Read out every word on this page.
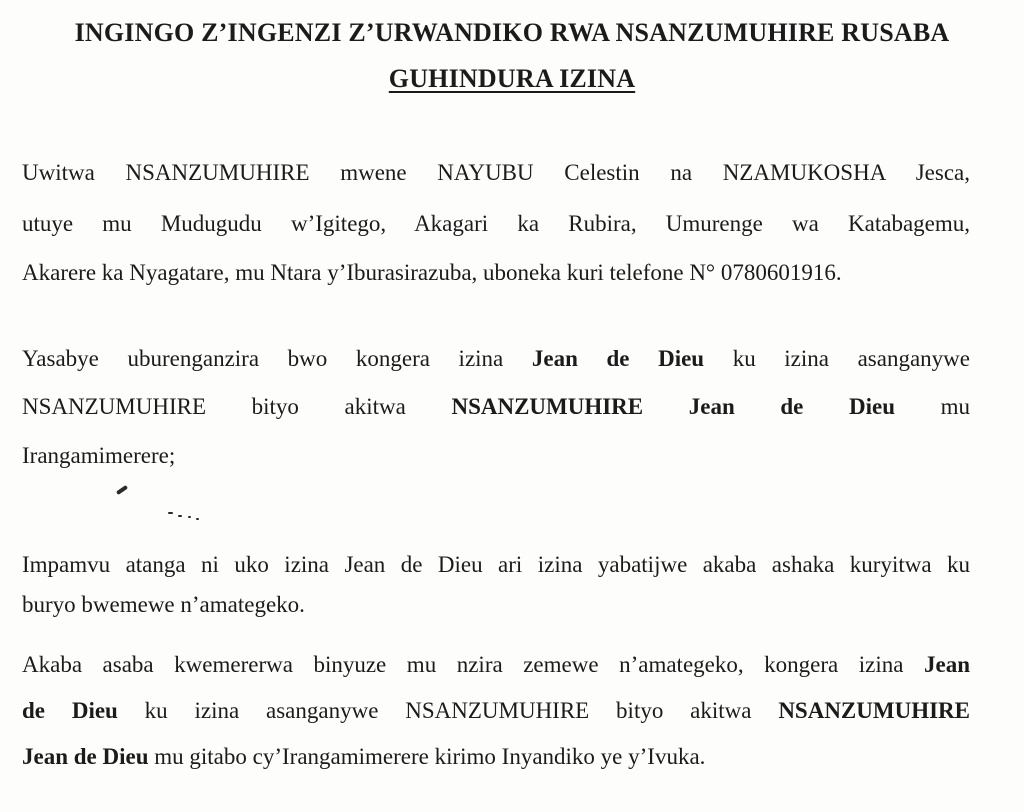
INGINGO Z’INGENZI Z’URWANDIKO RWA NSANZUMUHIRE RUSABA
GUHINDURA IZINA
Uwitwa NSANZUMUHIRE mwene NAYUBU Celestin na NZAMUKOSHA Jesca,
utuye mu Mudugudu w’Igitego, Akagari ka Rubira, Umurenge wa Katabagemu,
Akarere ka Nyagatare, mu Ntara y’Iburasirazuba, uboneka kuri telefone N° 0780601916.
Yasabye uburenganzira bwo kongera izina Jean de Dieu ku izina asanganywe
NSANZUMUHIRE bityo akitwa NSANZUMUHIRE Jean de Dieu mu
Irangamimerere;
Impamvu atanga ni uko izina Jean de Dieu ari izina yabatijwe akaba ashaka kuryitwa ku
buryo bwemewe n’amategeko.
Akaba asaba kwemererwa binyuze mu nzira zemewe n’amategeko, kongera izina Jean
de Dieu ku izina asanganywe NSANZUMUHIRE bityo akitwa NSANZUMUHIRE
Jean de Dieu mu gitabo cy’Irangamimerere kirimo Inyandiko ye y’Ivuka.
